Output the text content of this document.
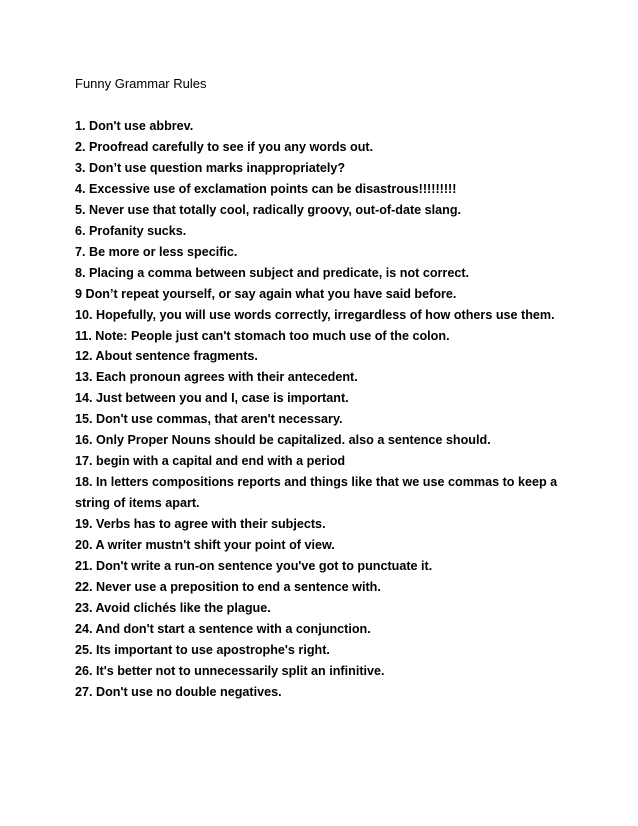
Funny Grammar Rules
1. Don't use abbrev.
2. Proofread carefully to see if you any words out.
3. Don’t use question marks inappropriately?
4. Excessive use of exclamation points can be disastrous!!!!!!!!!
5. Never use that totally cool, radically groovy, out-of-date slang.
6. Profanity sucks.
7. Be more or less specific.
8. Placing a comma between subject and predicate, is not correct.
9 Don’t repeat yourself, or say again what you have said before.
10. Hopefully, you will use words correctly, irregardless of how others use them.
11. Note: People just can't stomach too much use of the colon.
12. About sentence fragments.
13. Each pronoun agrees with their antecedent.
14. Just between you and I, case is important.
15. Don't use commas, that aren't necessary.
16. Only Proper Nouns should be capitalized. also a sentence should.
17. begin with a capital and end with a period
18. In letters compositions reports and things like that we use commas to keep a string of items apart.
19. Verbs has to agree with their subjects.
20. A writer mustn't shift your point of view.
21. Don't write a run-on sentence you've got to punctuate it.
22. Never use a preposition to end a sentence with.
23. Avoid clichés like the plague.
24. And don't start a sentence with a conjunction.
25. Its important to use apostrophe's right.
26. It's better not to unnecessarily split an infinitive.
27. Don't use no double negatives.
